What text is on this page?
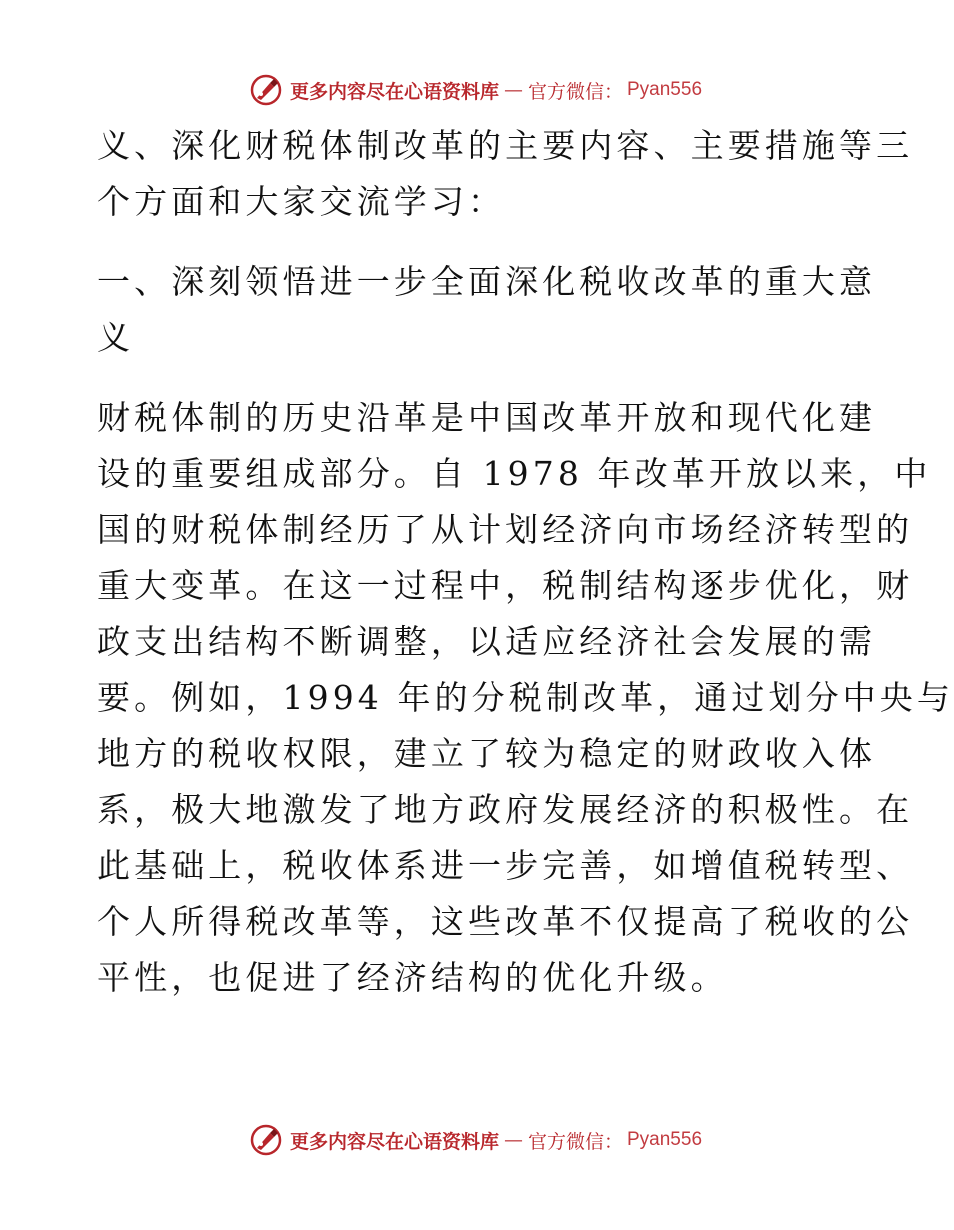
更多内容尽在心语资料库 — 官方微信： Pyan556
义、深化财税体制改革的主要内容、主要措施等三
个方面和大家交流学习：
一、深刻领悟进一步全面深化税收改革的重大意
义
财税体制的历史沿革是中国改革开放和现代化建
设的重要组成部分。自 1978 年改革开放以来，中
国的财税体制经历了从计划经济向市场经济转型的
重大变革。在这一过程中，税制结构逐步优化，财
政支出结构不断调整，以适应经济社会发展的需
要。例如，1994 年的分税制改革，通过划分中央与
地方的税收权限，建立了较为稳定的财政收入体
系，极大地激发了地方政府发展经济的积极性。在
此基础上，税收体系进一步完善，如增值税转型、
个人所得税改革等，这些改革不仅提高了税收的公
平性，也促进了经济结构的优化升级。
更多内容尽在心语资料库 — 官方微信： Pyan556
